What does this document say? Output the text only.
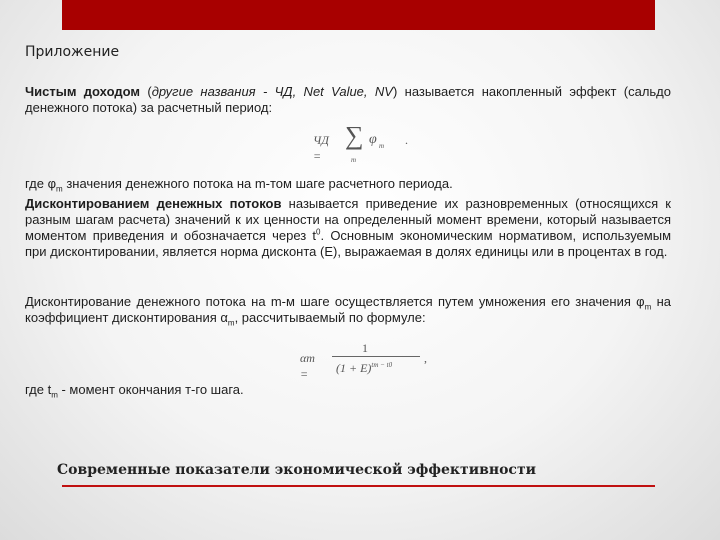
Приложение

Чистым доходом (другие названия - ЧД, Net Value, NV) называется накопленный эффект (сальдо денежного потока) за расчетный период:

ЧД =
∑
m
φ m .

где $\varphi_m$ значения денежного потока на m-том шаге расчетного периода.

Дисконтированием денежных потоков называется приведение их разновременных (относящихся к разным шагам расчета) значений к их ценности на определенный момент времени, который называется моментом приведения и обозначается через $t^0$. Основным экономическим нормативом, используемым при дисконтировании, является норма дисконта (Е), выражаемая в долях единицы или в процентах в год.

Дисконтирование денежного потока на m-м шаге осуществляется путем умножения его значения $\varphi_m$ на коэффициент дисконтирования $\alpha_m$, рассчитываемый по формуле:

αm =
1
$(1 + E)^{tm - t0}$	,

где $t_m$ - момент окончания т-го шага.

Современные показатели экономической эффективности
